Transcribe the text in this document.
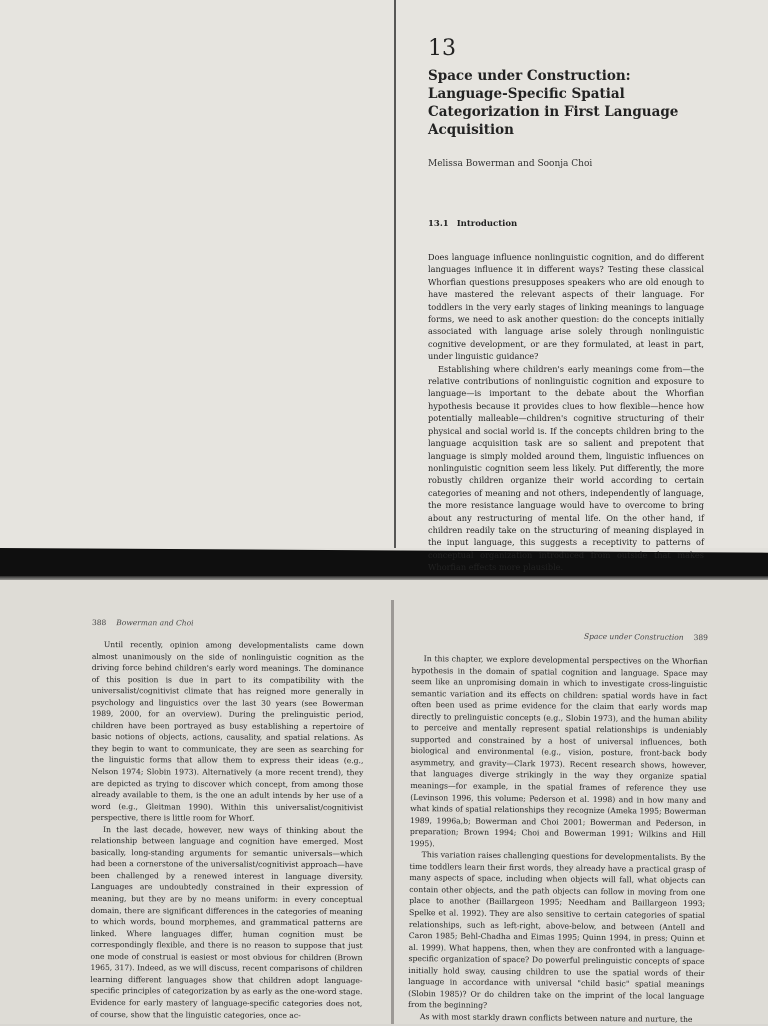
13
Space under Construction: Language-Specific Spatial Categorization in First Language Acquisition
Melissa Bowerman and Soonja Choi
13.1 Introduction

Does language influence nonlinguistic cognition, and do different languages influence it in different ways? Testing these classical Whorfian questions presupposes speakers who are old enough to have mastered the relevant aspects of their language. For toddlers in the very early stages of linking meanings to language forms, we need to ask another question: do the concepts initially associated with language arise solely through nonlinguistic cognitive development, or are they formulated, at least in part, under linguistic guidance?

Establishing where children's early meanings come from—the relative contributions of nonlinguistic cognition and exposure to language—is important to the debate about the Whorfian hypothesis because it provides clues to how flexible—hence how potentially malleable—children's cognitive structuring of their physical and social world is. If the concepts children bring to the language acquisition task are so salient and prepotent that language is simply molded around them, linguistic influences on nonlinguistic cognition seem less likely. Put differently, the more robustly children organize their world according to certain categories of meaning and not others, independently of language, the more resistance language would have to overcome to bring about any restructuring of mental life. On the other hand, if children readily take on the structuring of meaning displayed in the input language, this suggests a receptivity to patterns of conceptual organization introduced from outside that makes Whorfian effects more plausible.

388 Bowerman and Choi

Until recently, opinion among developmentalists came down almost unanimously on the side of nonlinguistic cognition as the driving force behind children's early word meanings. The dominance of this position is due in part to its compatibility with the universalist/cognitivist climate that has reigned more generally in psychology and linguistics over the last 30 years (see Bowerman 1989, 2000, for an overview). During the prelinguistic period, children have been portrayed as busy establishing a repertoire of basic notions of objects, actions, causality, and spatial relations. As they begin to want to communicate, they are seen as searching for the linguistic forms that allow them to express their ideas (e.g., Nelson 1974; Slobin 1973). Alternatively (a more recent trend), they are depicted as trying to discover which concept, from among those already available to them, is the one an adult intends by her use of a word (e.g., Gleitman 1990). Within this universalist/cognitivist perspective, there is little room for Whorf.

In the last decade, however, new ways of thinking about the relationship between language and cognition have emerged. Most basically, long-standing arguments for semantic universals—which had been a cornerstone of the universalist/cognitivist approach—have been challenged by a renewed interest in language diversity. Languages are undoubtedly constrained in their expression of meaning, but they are by no means uniform: in every conceptual domain, there are significant differences in the categories of meaning to which words, bound morphemes, and grammatical patterns are linked. Where languages differ, human cognition must be correspondingly flexible, and there is no reason to suppose that just one mode of construal is easiest or most obvious for children (Brown 1965, 317). Indeed, as we will discuss, recent comparisons of children learning different languages show that children adopt language-specific principles of categorization by as early as the one-word stage. Evidence for early mastery of language-specific categories does not, of course, show that the linguistic categories, once ac-

Space under Construction 389

In this chapter, we explore developmental perspectives on the Whorfian hypothesis in the domain of spatial cognition and language. Space may seem like an unpromising domain in which to investigate cross-linguistic semantic variation and its effects on children: spatial words have in fact often been used as prime evidence for the claim that early words map directly to prelinguistic concepts (e.g., Slobin 1973), and the human ability to perceive and mentally represent spatial relationships is undeniably supported and constrained by a host of universal influences, both biological and environmental (e.g., vision, posture, front-back body asymmetry, and gravity—Clark 1973). Recent research shows, however, that languages diverge strikingly in the way they organize spatial meanings—for example, in the spatial frames of reference they use (Levinson 1996, this volume; Pederson et al. 1998) and in how many and what kinds of spatial relationships they recognize (Ameka 1995; Bowerman 1989, 1996a,b; Bowerman and Choi 2001; Bowerman and Pederson, in preparation; Brown 1994; Choi and Bowerman 1991; Wilkins and Hill 1995).

This variation raises challenging questions for developmentalists. By the time toddlers learn their first words, they already have a practical grasp of many aspects of space, including when objects will fall, what objects can contain other objects, and the path objects can follow in moving from one place to another (Baillargeon 1995; Needham and Baillargeon 1993; Spelke et al. 1992). They are also sensitive to certain categories of spatial relationships, such as left-right, above-below, and between (Antell and Caron 1985; Behl-Chadha and Eimas 1995; Quinn 1994, in press; Quinn et al. 1999). What happens, then, when they are confronted with a language-specific organization of space? Do powerful prelinguistic concepts of space initially hold sway, causing children to use the spatial words of their language in accordance with universal "child basic" spatial meanings (Slobin 1985)? Or do children take on the imprint of the local language from the beginning?

As with most starkly drawn conflicts between nature and nurture, the
